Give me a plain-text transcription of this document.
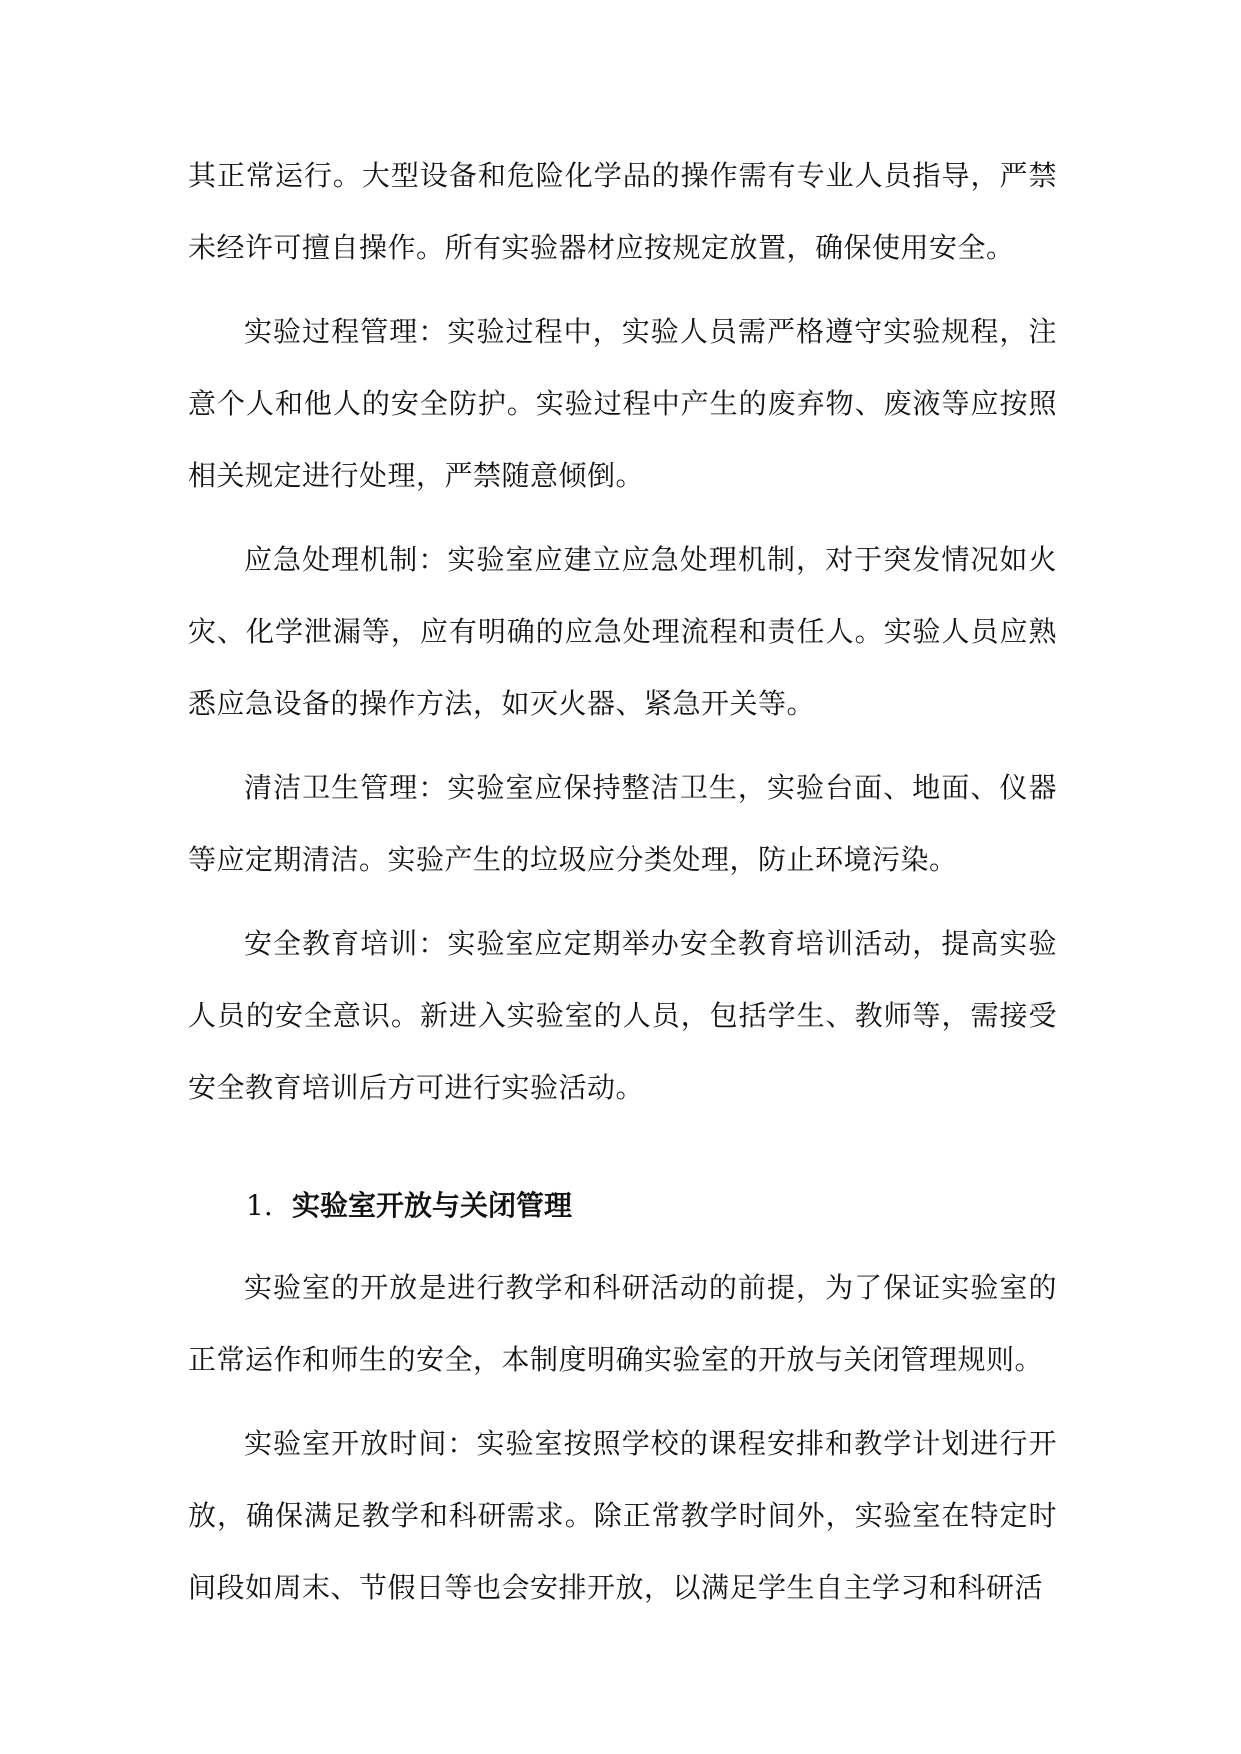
其正常运行。大型设备和危险化学品的操作需有专业人员指导，严禁未经许可擅自操作。所有实验器材应按规定放置，确保使用安全。

实验过程管理：实验过程中，实验人员需严格遵守实验规程，注意个人和他人的安全防护。实验过程中产生的废弃物、废液等应按照相关规定进行处理，严禁随意倾倒。

应急处理机制：实验室应建立应急处理机制，对于突发情况如火灾、化学泄漏等，应有明确的应急处理流程和责任人。实验人员应熟悉应急设备的操作方法，如灭火器、紧急开关等。

清洁卫生管理：实验室应保持整洁卫生，实验台面、地面、仪器等应定期清洁。实验产生的垃圾应分类处理，防止环境污染。

安全教育培训：实验室应定期举办安全教育培训活动，提高实验人员的安全意识。新进入实验室的人员，包括学生、教师等，需接受安全教育培训后方可进行实验活动。

1. 实验室开放与关闭管理

实验室的开放是进行教学和科研活动的前提，为了保证实验室的正常运作和师生的安全，本制度明确实验室的开放与关闭管理规则。

实验室开放时间：实验室按照学校的课程安排和教学计划进行开放，确保满足教学和科研需求。除正常教学时间外，实验室在特定时间段如周末、节假日等也会安排开放，以满足学生自主学习和科研活
